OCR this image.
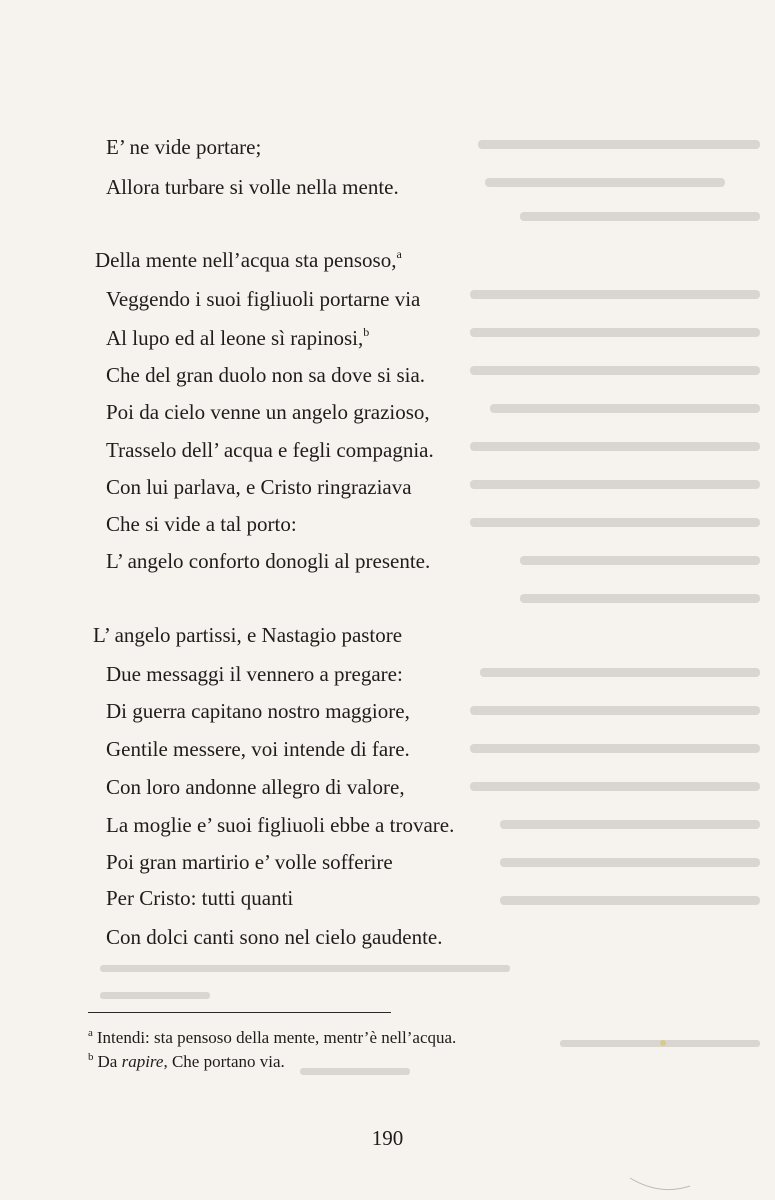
E’ ne vide portare;
Allora turbare si volle nella mente.
Della mente nell’acqua sta pensoso,$^a$
Veggendo i suoi figliuoli portarne via
Al lupo ed al leone sì rapinosi,$^b$
Che del gran duolo non sa dove si sia.
Poi da cielo venne un angelo grazioso,
Trasselo dell’ acqua e fegli compagnia.
Con lui parlava, e Cristo ringraziava
Che si vide a tal porto:
L’ angelo conforto donogli al presente.
L’ angelo partissi, e Nastagio pastore
Due messaggi il vennero a pregare:
Di guerra capitano nostro maggiore,
Gentile messere, voi intende di fare.
Con loro andonne allegro di valore,
La moglie e’ suoi figliuoli ebbe a trovare.
Poi gran martirio e’ volle sofferire
Per Cristo: tutti quanti
Con dolci canti sono nel cielo gaudente.
$^a$ Intendi: sta pensoso della mente, mentr’è nell’acqua.
$^b$ Da rapire, Che portano via.
190
